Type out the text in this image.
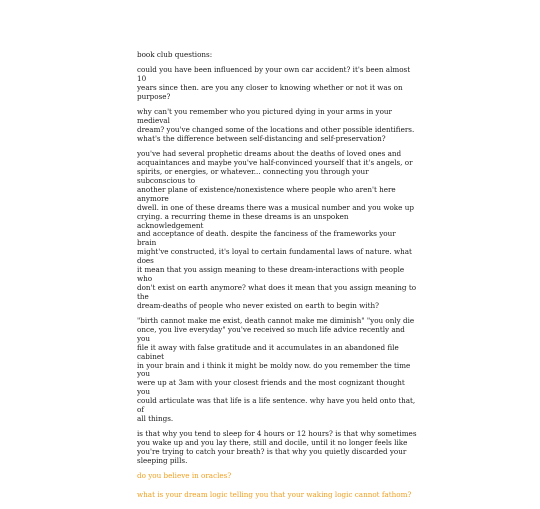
book club questions:

could you have been influenced by your own car accident? it's been almost 10
years since then. are you any closer to knowing whether or not it was on
purpose?

why can't you remember who you pictured dying in your arms in your medieval
dream? you've changed some of the locations and other possible identifiers.
what's the difference between self-distancing and self-preservation?

you've had several prophetic dreams about the deaths of loved ones and
acquaintances and maybe you've half-convinced yourself that it's angels, or
spirits, or energies, or whatever... connecting you through your subconscious to
another plane of existence/nonexistence where people who aren't here anymore
dwell. in one of these dreams there was a musical number and you woke up
crying. a recurring theme in these dreams is an unspoken acknowledgement
and acceptance of death. despite the fanciness of the frameworks your brain
might've constructed, it's loyal to certain fundamental laws of nature. what does
it mean that you assign meaning to these dream-interactions with people who
don't exist on earth anymore? what does it mean that you assign meaning to the
dream-deaths of people who never existed on earth to begin with?

"birth cannot make me exist, death cannot make me diminish" "you only die
once, you live everyday" you've received so much life advice recently and you
file it away with false gratitude and it accumulates in an abandoned file cabinet
in your brain and i think it might be moldy now. do you remember the time you
were up at 3am with your closest friends and the most cognizant thought you
could articulate was that life is a life sentence. why have you held onto that, of
all things.

is that why you tend to sleep for 4 hours or 12 hours? is that why sometimes
you wake up and you lay there, still and docile, until it no longer feels like
you're trying to catch your breath? is that why you quietly discarded your
sleeping pills.

do you believe in oracles?

what is your dream logic telling you that your waking logic cannot fathom?
